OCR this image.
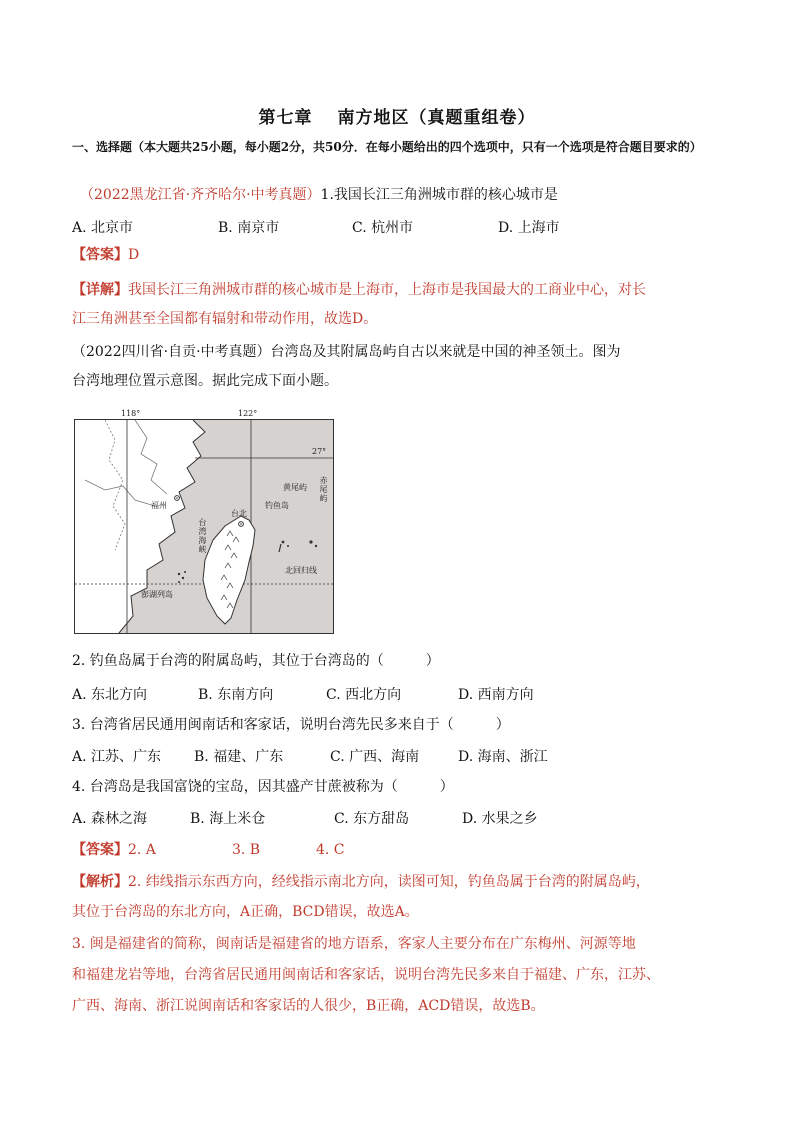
第七章　 南方地区（真题重组卷）
一、选择题（本大题共25小题，每小题2分，共50分．在每小题给出的四个选项中，只有一个选项是符合题目要求的）
（2022黑龙江省·齐齐哈尔·中考真题）1.我国长江三角洲城市群的核心城市是
A. 北京市	B. 南京市	C. 杭州市	D. 上海市
【答案】D
【详解】我国长江三角洲城市群的核心城市是上海市，上海市是我国最大的工商业中心，对长
江三角洲甚至全国都有辐射和带动作用，故选D。
（2022四川省·自贡·中考真题）台湾岛及其附属岛屿自古以来就是中国的神圣领土。图为
台湾地理位置示意图。据此完成下面小题。
118°	122°
27°
福州
台北
台湾海峡
澎湖列岛
黄尾屿
钓鱼岛
赤尾屿
北回归线
2. 钓鱼岛属于台湾的附属岛屿，其位于台湾岛的（　　　）
A. 东北方向	B. 东南方向	C. 西北方向	D. 西南方向
3. 台湾省居民通用闽南话和客家话，说明台湾先民多来自于（　　　）
A. 江苏、广东 B. 福建、广东	C. 广西、海南	D. 海南、浙江
4. 台湾岛是我国富饶的宝岛，因其盛产甘蔗被称为（　　　）
A. 森林之海	B. 海上米仓	C. 东方甜岛	D. 水果之乡
【答案】2. A	3. B	4. C
【解析】2. 纬线指示东西方向，经线指示南北方向，读图可知，钓鱼岛属于台湾的附属岛屿，
其位于台湾岛的东北方向，A正确，BCD错误，故选A。
3. 闽是福建省的简称，闽南话是福建省的地方语系，客家人主要分布在广东梅州、河源等地
和福建龙岩等地，台湾省居民通用闽南话和客家话，说明台湾先民多来自于福建、广东，江苏、
广西、海南、浙江说闽南话和客家话的人很少，B正确，ACD错误，故选B。
